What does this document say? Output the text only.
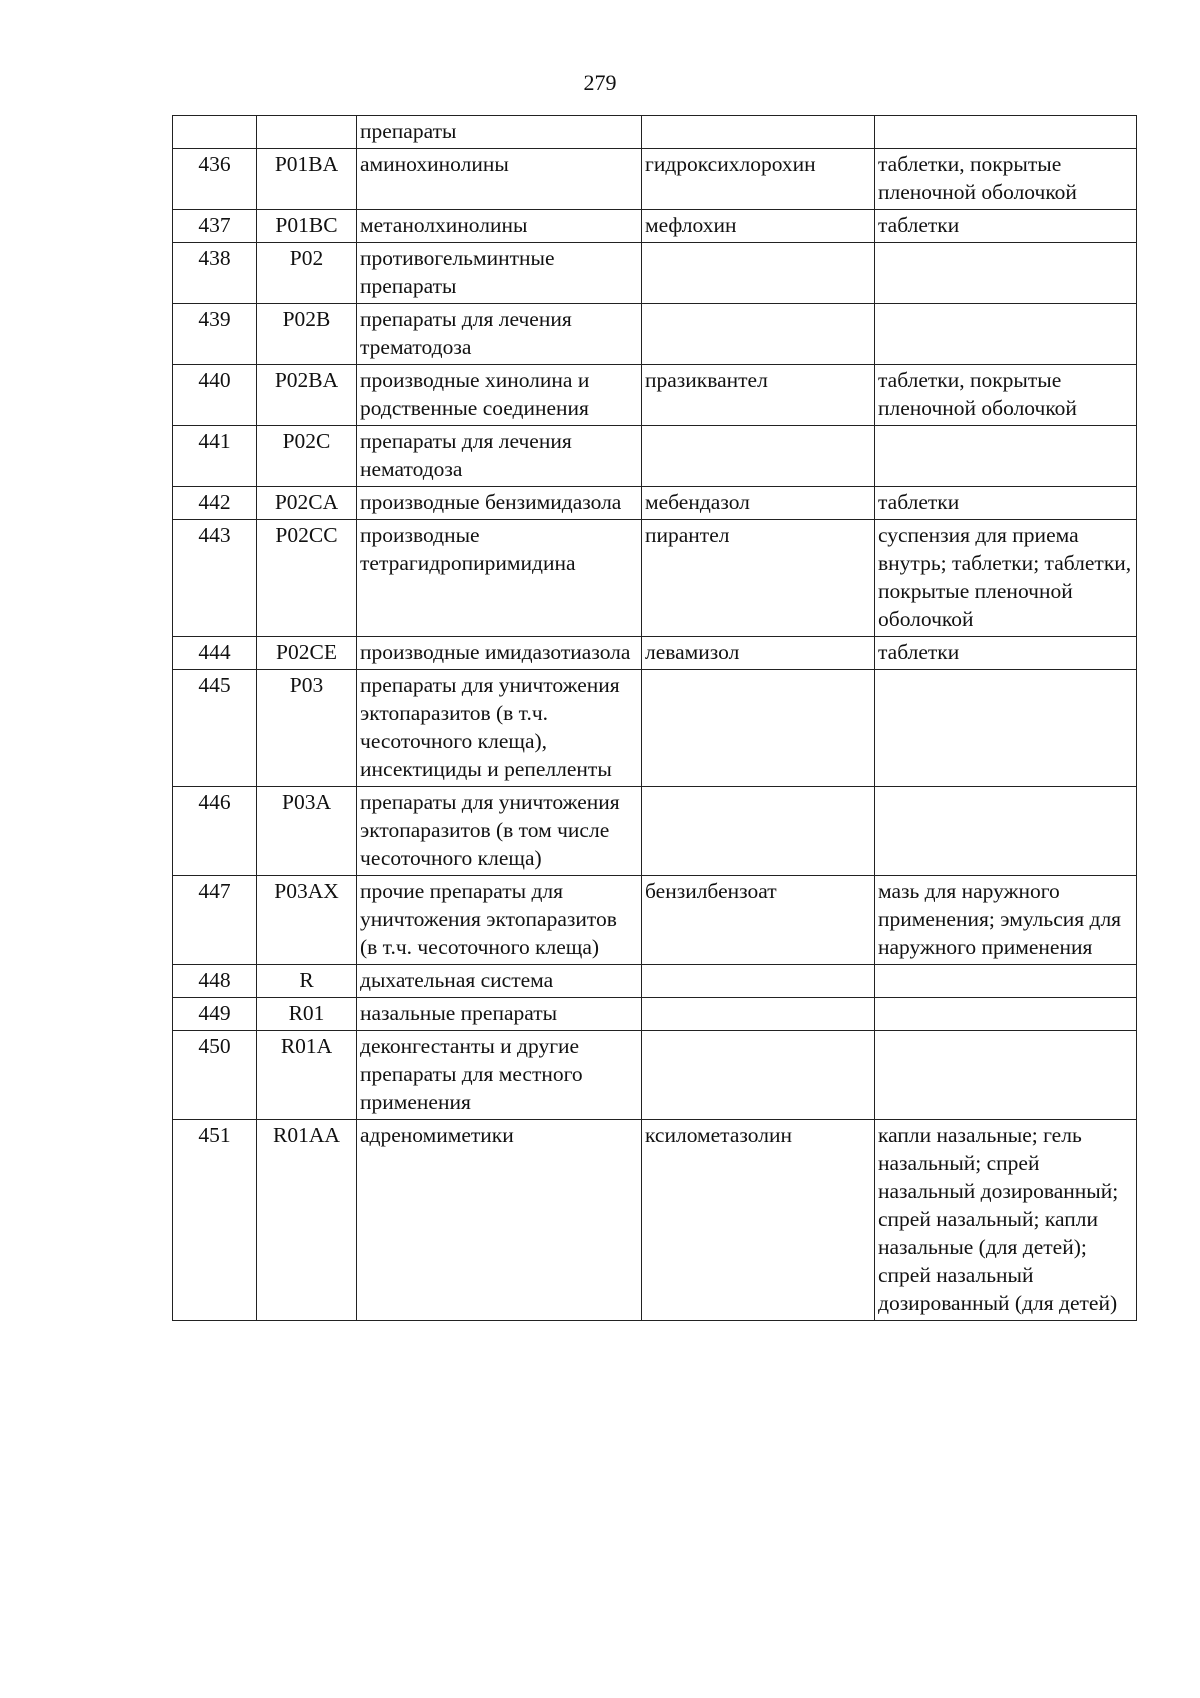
279
		препараты		
436	P01BA	аминохинолины	гидроксихлорохин	таблетки, покрытые пленочной оболочкой
437	P01BC	метанолхинолины	мефлохин	таблетки
438	P02	противогельминтные препараты		
439	P02B	препараты для лечения трематодоза		
440	P02BA	производные хинолина и родственные соединения	празиквантел	таблетки, покрытые пленочной оболочкой
441	P02C	препараты для лечения нематодоза		
442	P02CA	производные бензимидазола	мебендазол	таблетки
443	P02CC	производные тетрагидропиримидина	пирантел	суспензия для приема внутрь; таблетки; таблетки, покрытые пленочной оболочкой
444	P02CE	производные имидазотиазола	левамизол	таблетки
445	P03	препараты для уничтожения эктопаразитов (в т.ч. чесоточного клеща), инсектициды и репелленты		
446	P03A	препараты для уничтожения эктопаразитов (в том числе чесоточного клеща)		
447	P03AX	прочие препараты для уничтожения эктопаразитов (в т.ч. чесоточного клеща)	бензилбензоат	мазь для наружного применения; эмульсия для наружного применения
448	R	дыхательная система		
449	R01	назальные препараты		
450	R01A	деконгестанты и другие препараты для местного применения		
451	R01AA	адреномиметики	ксилометазолин	капли назальные; гель назальный; спрей назальный дозированный; спрей назальный; капли назальные (для детей); спрей назальный дозированный (для детей)
